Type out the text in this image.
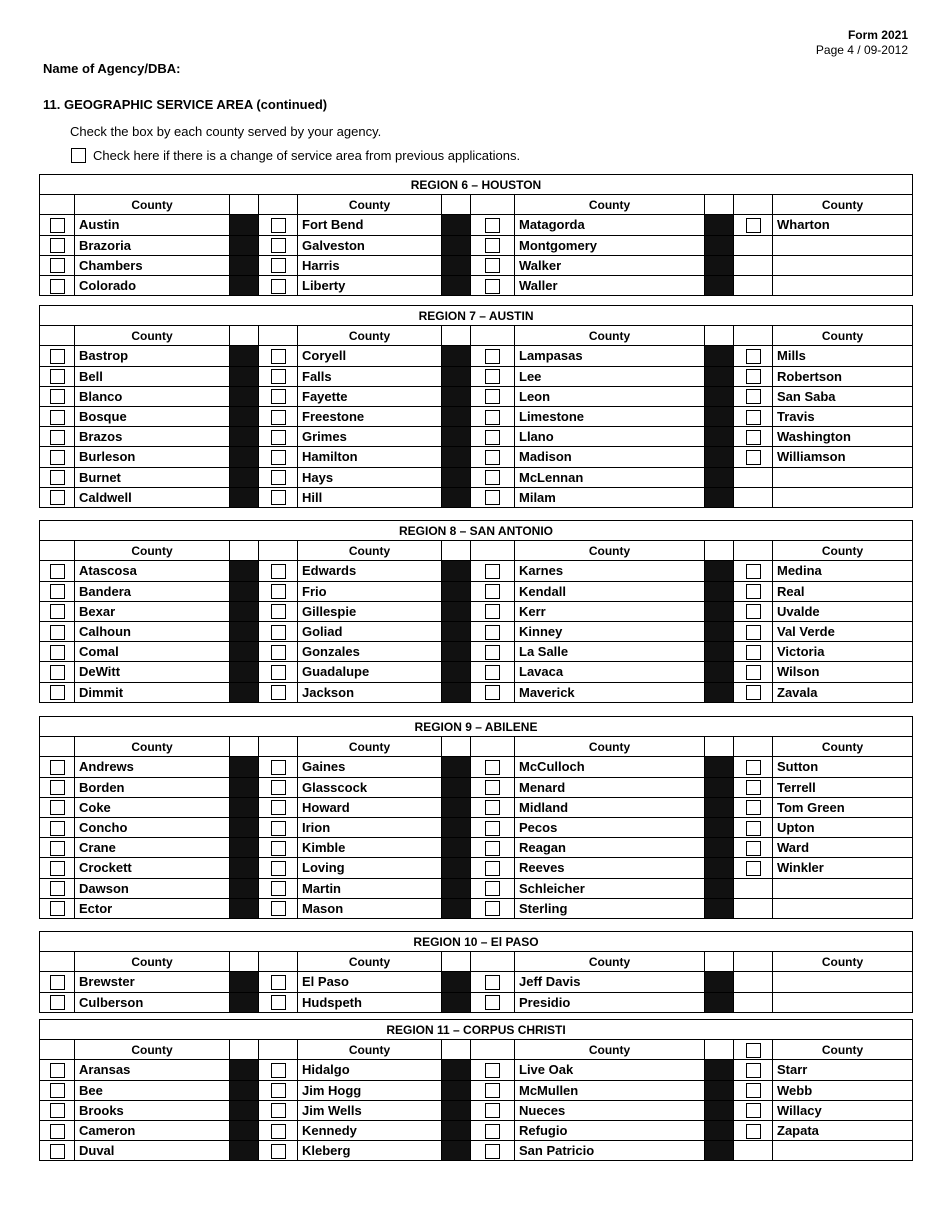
Form 2021
Page 4 / 09-2012
Name of Agency/DBA:
11. GEOGRAPHIC SERVICE AREA (continued)
Check the box by each county served by your agency.
Check here if there is a change of service area from previous applications.
REGION 6 – HOUSTON										
	County			County			County			County
	Austin			Fort Bend			Matagorda			Wharton
	Brazoria			Galveston			Montgomery			
	Chambers			Harris			Walker			
	Colorado			Liberty			Waller			
REGION 7 – AUSTIN										
	County			County			County			County
	Bastrop			Coryell			Lampasas			Mills
	Bell			Falls			Lee			Robertson
	Blanco			Fayette			Leon			San Saba
	Bosque			Freestone			Limestone			Travis
	Brazos			Grimes			Llano			Washington
	Burleson			Hamilton			Madison			Williamson
	Burnet			Hays			McLennan			
	Caldwell			Hill			Milam			
REGION 8 – SAN ANTONIO										
	County			County			County			County
	Atascosa			Edwards			Karnes			Medina
	Bandera			Frio			Kendall			Real
	Bexar			Gillespie			Kerr			Uvalde
	Calhoun			Goliad			Kinney			Val Verde
	Comal			Gonzales			La Salle			Victoria
	DeWitt			Guadalupe			Lavaca			Wilson
	Dimmit			Jackson			Maverick			Zavala
REGION 9 – ABILENE										
	County			County			County			County
	Andrews			Gaines			McCulloch			Sutton
	Borden			Glasscock			Menard			Terrell
	Coke			Howard			Midland			Tom Green
	Concho			Irion			Pecos			Upton
	Crane			Kimble			Reagan			Ward
	Crockett			Loving			Reeves			Winkler
	Dawson			Martin			Schleicher			
	Ector			Mason			Sterling			
REGION 10 – El PASO										
	County			County			County			County
	Brewster			El Paso			Jeff Davis			
	Culberson			Hudspeth			Presidio			
REGION 11 – CORPUS CHRISTI										
	County			County			County			County
	Aransas			Hidalgo			Live Oak			Starr
	Bee			Jim Hogg			McMullen			Webb
	Brooks			Jim Wells			Nueces			Willacy
	Cameron			Kennedy			Refugio			Zapata
	Duval			Kleberg			San Patricio			
